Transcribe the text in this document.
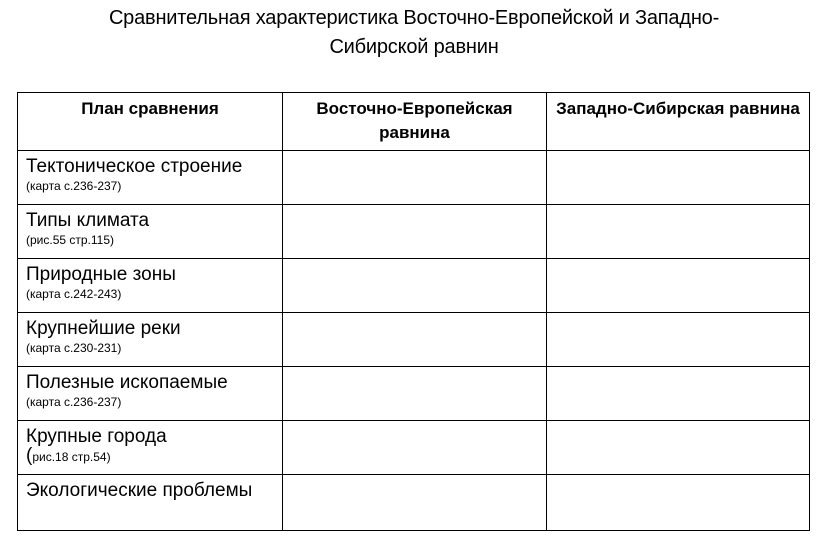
Сравнительная характеристика Восточно-Европейской и Западно-
Сибирской равнин
План сравнения	Восточно-Европейская равнина	Западно-Сибирская равнина

Тектоническое строение
(карта с.236-237)		

Типы климата
(рис.55 стр.115)		

Природные зоны
(карта с.242-243)		

Крупнейшие реки
(карта с.230-231)		

Полезные ископаемые
(карта с.236-237)		

Крупные города
(рис.18 стр.54)		

Экологические проблемы		
